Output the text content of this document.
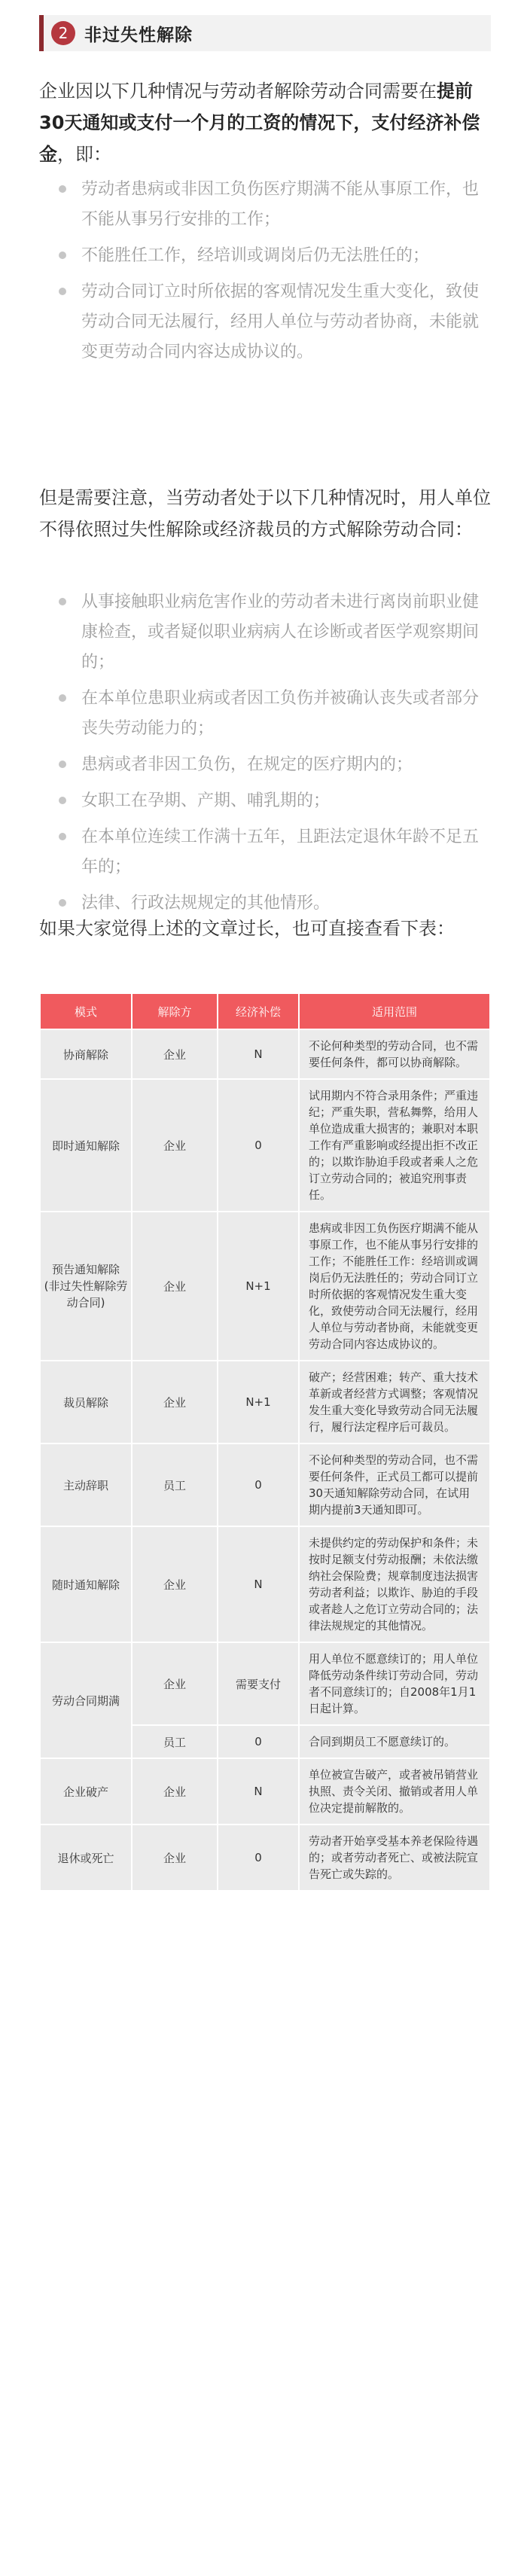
2 非过失性解除

企业因以下几种情况与劳动者解除劳动合同需要在提前30天通知或支付一个月的工资的情况下，支付经济补偿金，即：

劳动者患病或非因工负伤医疗期满不能从事原工作，也不能从事另行安排的工作；
不能胜任工作，经培训或调岗后仍无法胜任的；
劳动合同订立时所依据的客观情况发生重大变化，致使劳动合同无法履行，经用人单位与劳动者协商，未能就变更劳动合同内容达成协议的。

但是需要注意，当劳动者处于以下几种情况时，用人单位不得依照过失性解除或经济裁员的方式解除劳动合同：

从事接触职业病危害作业的劳动者未进行离岗前职业健康检查，或者疑似职业病病人在诊断或者医学观察期间的；
在本单位患职业病或者因工负伤并被确认丧失或者部分丧失劳动能力的；
患病或者非因工负伤，在规定的医疗期内的；
女职工在孕期、产期、哺乳期的；
在本单位连续工作满十五年，且距法定退休年龄不足五年的；
法律、行政法规规定的其他情形。

如果大家觉得上述的文章过长，也可直接查看下表：

模式	解除方	经济补偿	适用范围
协商解除	企业	N	不论何种类型的劳动合同，也不需要任何条件，都可以协商解除。
即时通知解除	企业	0	试用期内不符合录用条件；严重违纪；严重失职，营私舞弊，给用人单位造成重大损害的；兼职对本职工作有严重影响或经提出拒不改正的；以欺诈胁迫手段或者乘人之危订立劳动合同的；被追究刑事责任。
预告通知解除
(非过失性解除劳动合同)	企业	N+1	患病或非因工负伤医疗期满不能从事原工作，也不能从事另行安排的工作；不能胜任工作：经培训或调岗后仍无法胜任的；劳动合同订立时所依据的客观情况发生重大变化，致使劳动合同无法履行，经用人单位与劳动者协商，未能就变更劳动合同内容达成协议的。
裁员解除	企业	N+1	破产；经营困难；转产、重大技术革新或者经营方式调整；客观情况发生重大变化导致劳动合同无法履行，履行法定程序后可裁员。
主动辞职	员工	0	不论何种类型的劳动合同，也不需要任何条件，正式员工都可以提前30天通知解除劳动合同，在试用期内提前3天通知即可。
随时通知解除	企业	N	未提供约定的劳动保护和条件；未按时足额支付劳动报酬；未依法缴纳社会保险费；规章制度违法损害劳动者利益；以欺诈、胁迫的手段或者趁人之危订立劳动合同的；法律法规规定的其他情况。
劳动合同期满	企业	需要支付	用人单位不愿意续订的；用人单位降低劳动条件续订劳动合同，劳动者不同意续订的；自2008年1月1日起计算。
	员工	0	合同到期员工不愿意续订的。
企业破产	企业	N	单位被宣告破产，或者被吊销营业执照、责令关闭、撤销或者用人单位决定提前解散的。
退休或死亡	企业	0	劳动者开始享受基本养老保险待遇的；或者劳动者死亡、或被法院宣告死亡或失踪的。
